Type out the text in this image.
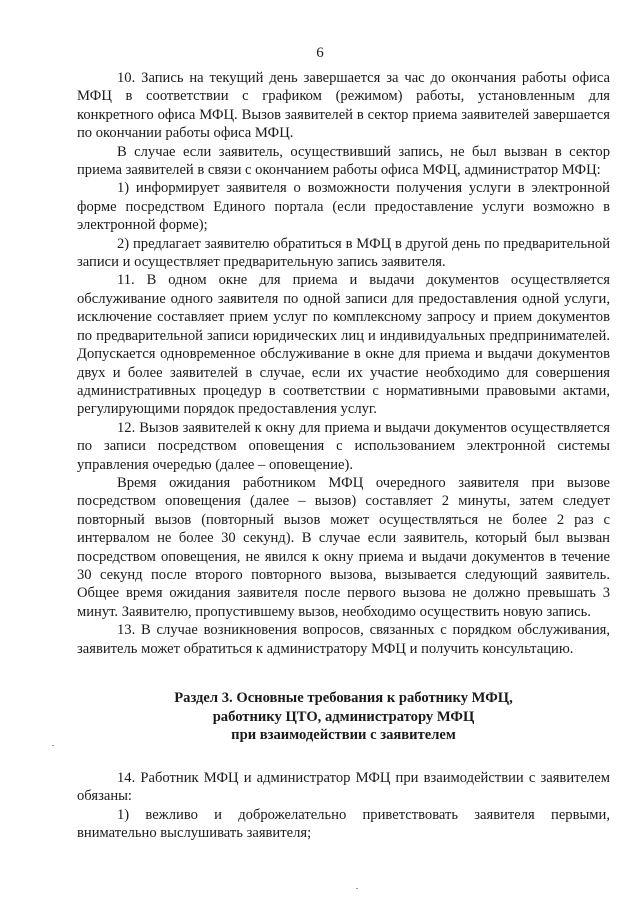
6

10. Запись на текущий день завершается за час до окончания работы офиса МФЦ в соответствии с графиком (режимом) работы, установленным для конкретного офиса МФЦ. Вызов заявителей в сектор приема заявителей завершается по окончании работы офиса МФЦ.

В случае если заявитель, осуществивший запись, не был вызван в сектор приема заявителей в связи с окончанием работы офиса МФЦ, администратор МФЦ:

1) информирует заявителя о возможности получения услуги в электронной форме посредством Единого портала (если предоставление услуги возможно в электронной форме);

2) предлагает заявителю обратиться в МФЦ в другой день по предварительной записи и осуществляет предварительную запись заявителя.

11. В одном окне для приема и выдачи документов осуществляется обслуживание одного заявителя по одной записи для предоставления одной услуги, исключение составляет прием услуг по комплексному запросу и прием документов по предварительной записи юридических лиц и индивидуальных предпринимателей. Допускается одновременное обслуживание в окне для приема и выдачи документов двух и более заявителей в случае, если их участие необходимо для совершения административных процедур в соответствии с нормативными правовыми актами, регулирующими порядок предоставления услуг.

12. Вызов заявителей к окну для приема и выдачи документов осуществляется по записи посредством оповещения с использованием электронной системы управления очередью (далее – оповещение).

Время ожидания работником МФЦ очередного заявителя при вызове посредством оповещения (далее – вызов) составляет 2 минуты, затем следует повторный вызов (повторный вызов может осуществляться не более 2 раз с интервалом не более 30 секунд). В случае если заявитель, который был вызван посредством оповещения, не явился к окну приема и выдачи документов в течение 30 секунд после второго повторного вызова, вызывается следующий заявитель. Общее время ожидания заявителя после первого вызова не должно превышать 3 минут. Заявителю, пропустившему вызов, необходимо осуществить новую запись.

13. В случае возникновения вопросов, связанных с порядком обслуживания, заявитель может обратиться к администратору МФЦ и получить консультацию.

Раздел 3. Основные требования к работнику МФЦ,
работнику ЦТО, администратору МФЦ
при взаимодействии с заявителем

14. Работник МФЦ и администратор МФЦ при взаимодействии с заявителем обязаны:

1) вежливо и доброжелательно приветствовать заявителя первыми, внимательно выслушивать заявителя;
